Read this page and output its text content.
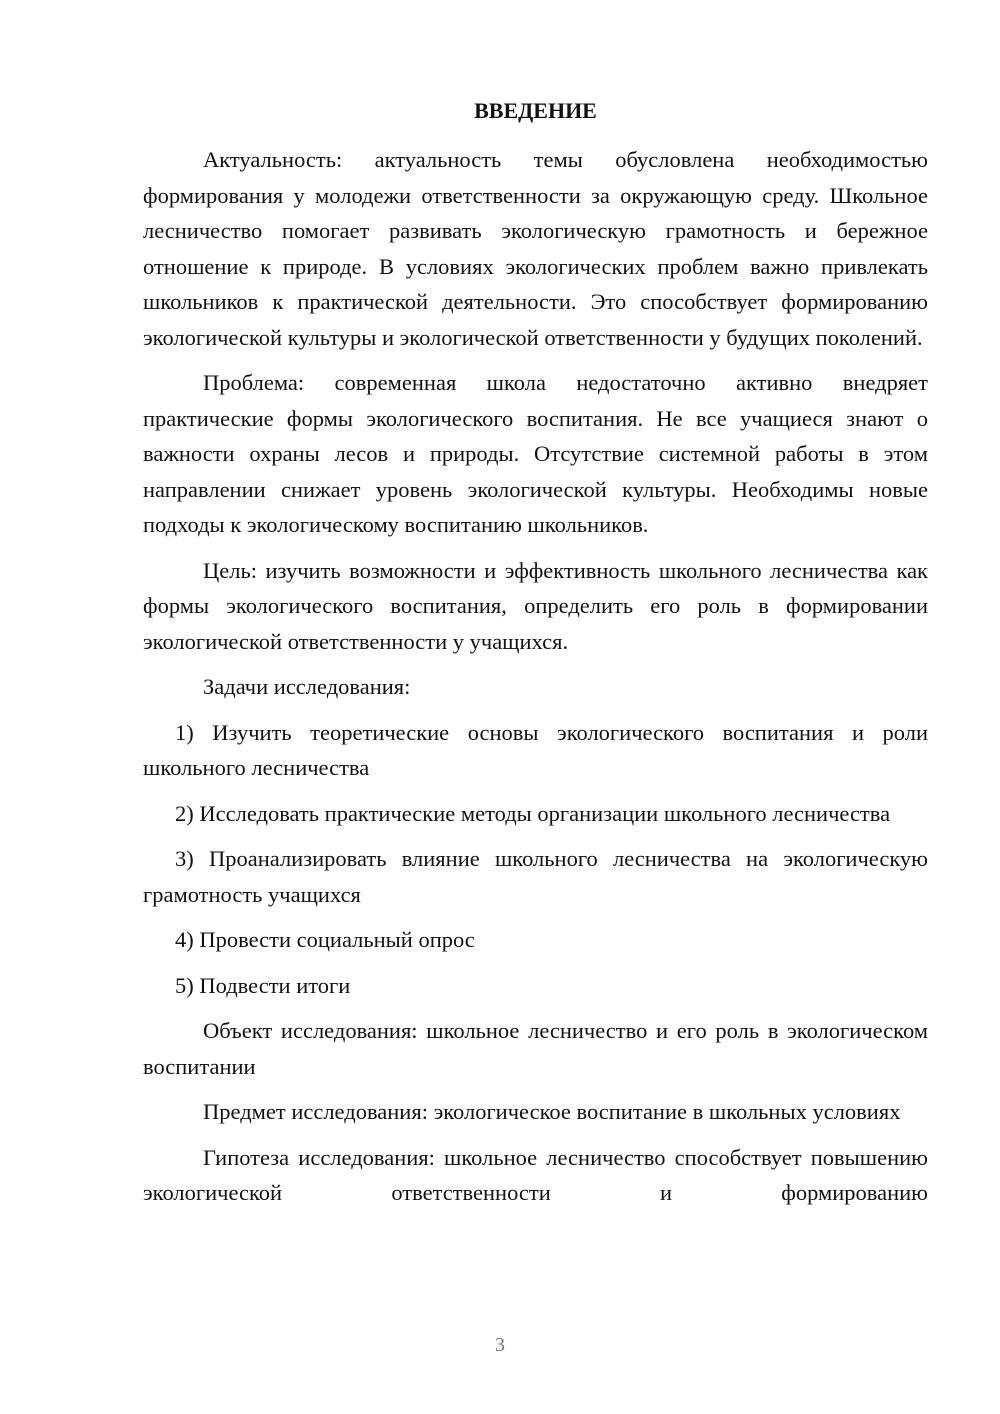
ВВЕДЕНИЕ

Актуальность: актуальность темы обусловлена необходимостью формирования у молодежи ответственности за окружающую среду. Школьное лесничество помогает развивать экологическую грамотность и бережное отношение к природе. В условиях экологических проблем важно привлекать школьников к практической деятельности. Это способствует формированию экологической культуры и экологической ответственности у будущих поколений.

Проблема: современная школа недостаточно активно внедряет практические формы экологического воспитания. Не все учащиеся знают о важности охраны лесов и природы. Отсутствие системной работы в этом направлении снижает уровень экологической культуры. Необходимы новые подходы к экологическому воспитанию школьников.

Цель: изучить возможности и эффективность школьного лесничества как формы экологического воспитания, определить его роль в формировании экологической ответственности у учащихся.

Задачи исследования:

1) Изучить теоретические основы экологического воспитания и роли школьного лесничества

2) Исследовать практические методы организации школьного лесничества

3) Проанализировать влияние школьного лесничества на экологическую грамотность учащихся

4) Провести социальный опрос

5) Подвести итоги

Объект исследования: школьное лесничество и его роль в экологическом воспитании

Предмет исследования: экологическое воспитание в школьных условиях

Гипотеза исследования: школьное лесничество способствует повышению экологической ответственности и формированию

3
